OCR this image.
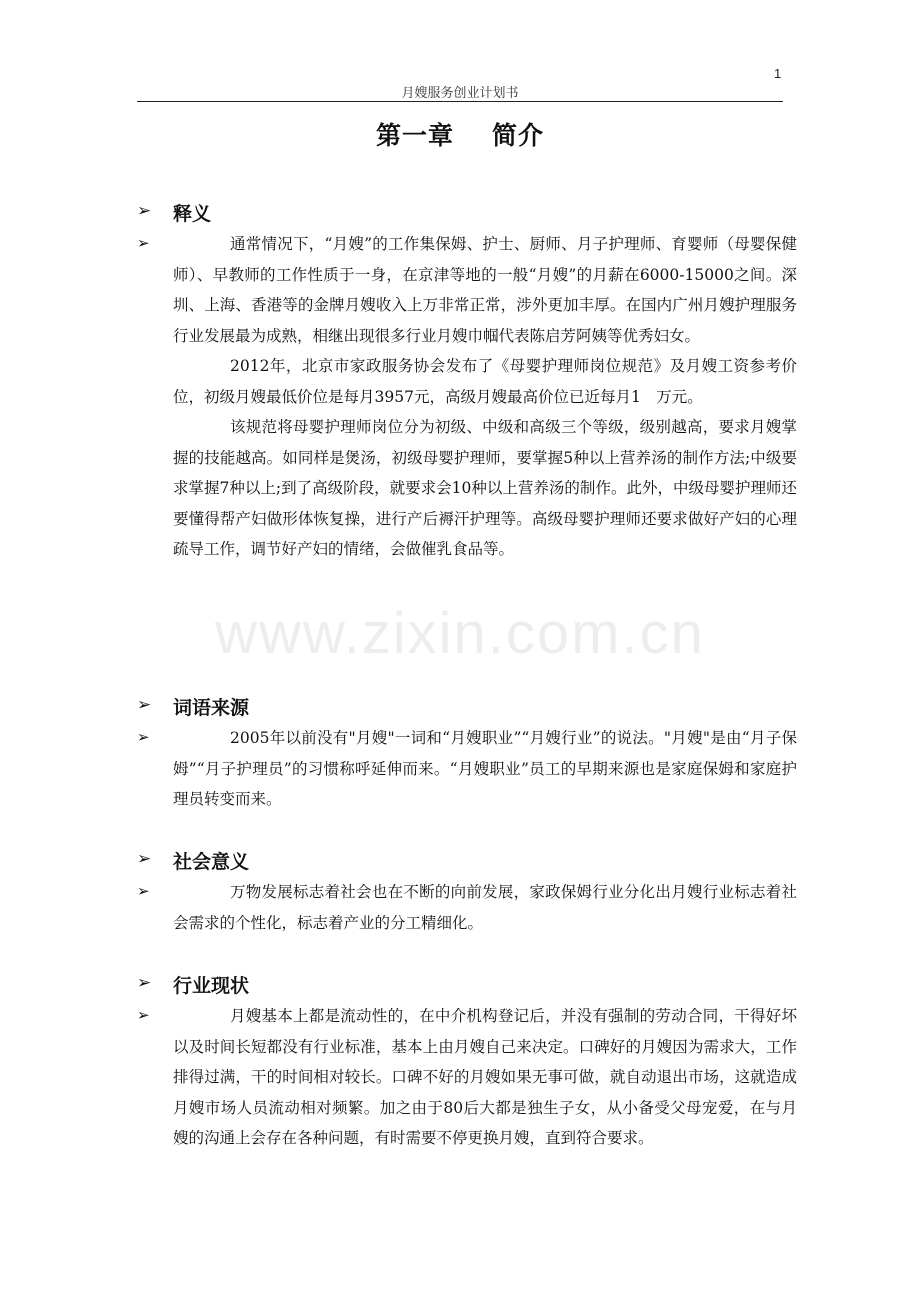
1
月嫂服务创业计划书
第一章 简介
www.zixin.com.cn
➢ 释义
➢	通常情况下，“月嫂”的工作集保姆、护士、厨师、月子护理师、育婴师（母婴保健师）、早教师的工作性质于一身，在京津等地的一般“月嫂”的月薪在6000-15000之间。深圳、上海、香港等的金牌月嫂收入上万非常正常，涉外更加丰厚。在国内广州月嫂护理服务行业发展最为成熟，相继出现很多行业月嫂巾帼代表陈启芳阿姨等优秀妇女。

2012年，北京市家政服务协会发布了《母婴护理师岗位规范》及月嫂工资参考价位，初级月嫂最低价位是每月3957元，高级月嫂最高价位已近每月1　万元。

该规范将母婴护理师岗位分为初级、中级和高级三个等级，级别越高，要求月嫂掌握的技能越高。如同样是煲汤，初级母婴护理师，要掌握5种以上营养汤的制作方法;中级要求掌握7种以上;到了高级阶段，就要求会10种以上营养汤的制作。此外，中级母婴护理师还要懂得帮产妇做形体恢复操，进行产后褥汗护理等。高级母婴护理师还要求做好产妇的心理疏导工作，调节好产妇的情绪，会做催乳食品等。

➢ 词语来源
➢	2005年以前没有"月嫂"一词和“月嫂职业”“月嫂行业”的说法。"月嫂"是由“月子保姆”“月子护理员”的习惯称呼延伸而来。“月嫂职业”员工的早期来源也是家庭保姆和家庭护理员转变而来。

➢ 社会意义
➢	万物发展标志着社会也在不断的向前发展，家政保姆行业分化出月嫂行业标志着社会需求的个性化，标志着产业的分工精细化。

➢ 行业现状
➢	月嫂基本上都是流动性的，在中介机构登记后，并没有强制的劳动合同，干得好坏以及时间长短都没有行业标准，基本上由月嫂自己来决定。口碑好的月嫂因为需求大，工作排得过满，干的时间相对较长。口碑不好的月嫂如果无事可做，就自动退出市场，这就造成月嫂市场人员流动相对频繁。加之由于80后大都是独生子女，从小备受父母宠爱，在与月嫂的沟通上会存在各种问题，有时需要不停更换月嫂，直到符合要求。
